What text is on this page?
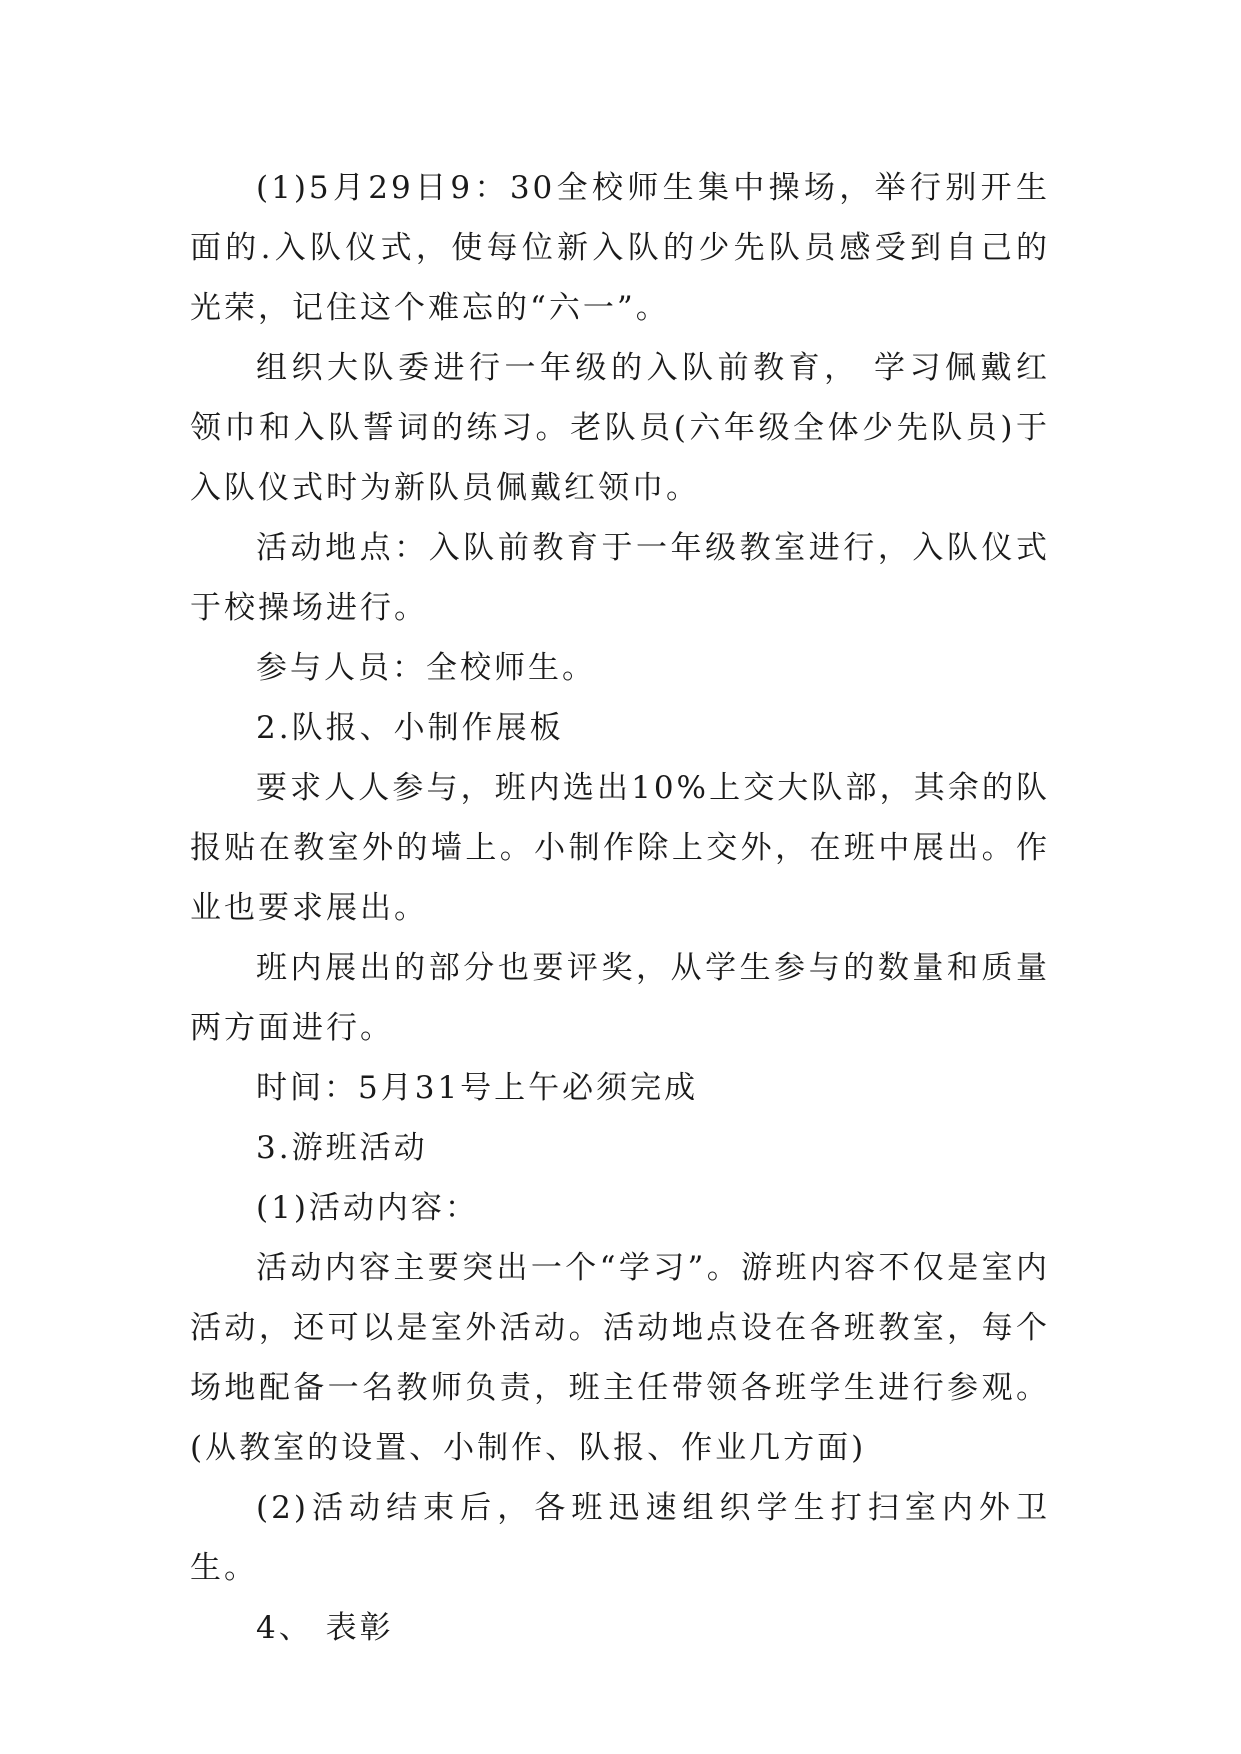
(1)5月29日9：30全校师生集中操场，举行别开生面的.入队仪式，使每位新入队的少先队员感受到自己的光荣，记住这个难忘的“六一”。

组织大队委进行一年级的入队前教育， 学习佩戴红领巾和入队誓词的练习。老队员(六年级全体少先队员)于入队仪式时为新队员佩戴红领巾。

活动地点：入队前教育于一年级教室进行，入队仪式于校操场进行。

参与人员：全校师生。

2.队报、小制作展板

要求人人参与，班内选出10%上交大队部，其余的队报贴在教室外的墙上。小制作除上交外，在班中展出。作业也要求展出。

班内展出的部分也要评奖，从学生参与的数量和质量两方面进行。

时间：5月31号上午必须完成

3.游班活动

(1)活动内容：

活动内容主要突出一个“学习”。游班内容不仅是室内活动，还可以是室外活动。活动地点设在各班教室，每个场地配备一名教师负责，班主任带领各班学生进行参观。(从教室的设置、小制作、队报、作业几方面)

(2)活动结束后，各班迅速组织学生打扫室内外卫生。

4、 表彰
